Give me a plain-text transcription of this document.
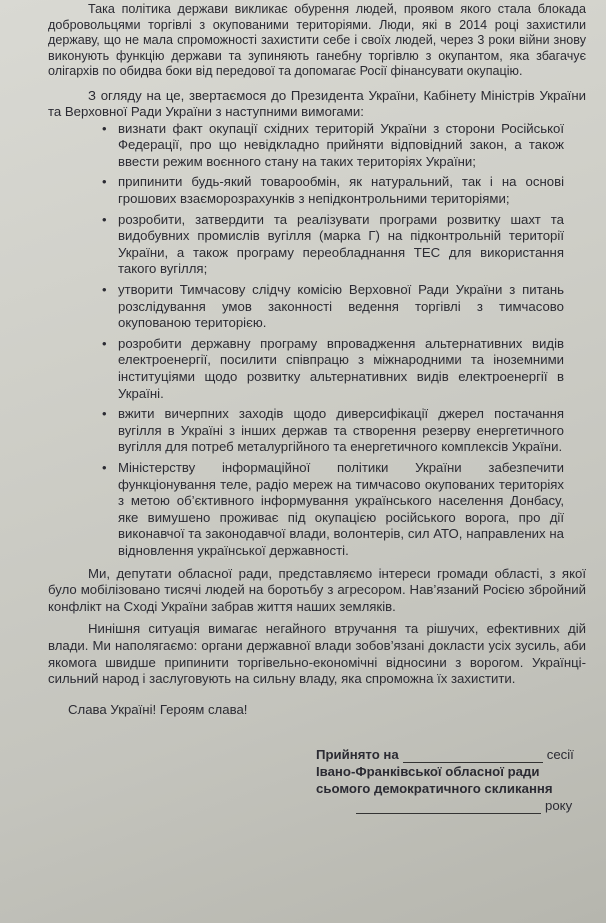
Така політика держави викликає обурення людей, проявом якого стала блокада добровольцями торгівлі з окупованими територіями. Люди, які в 2014 році захистили державу, що не мала спроможності захистити себе і своїх людей, через 3 роки війни знову виконують функцію держави та зупиняють ганебну торгівлю з окупантом, яка збагачує олігархів по обидва боки від передової та допомагає Росії фінансувати окупацію.

З огляду на це, звертаємося до Президента України, Кабінету Міністрів України та Верховної Ради України з наступними вимогами:

• визнати факт окупації східних територій України з сторони Російської Федерації, про що невідкладно прийняти відповідний закон, а також ввести режим воєнного стану на таких територіях України;
• припинити будь-який товарообмін, як натуральний, так і на основі грошових взаєморозрахунків з непідконтрольними територіями;
• розробити, затвердити та реалізувати програми розвитку шахт та видобувних промислів вугілля (марка Г) на підконтрольній території України, а також програму переобладнання ТЕС для використання такого вугілля;
• утворити Тимчасову слідчу комісію Верховної Ради України з питань розслідування умов законності ведення торгівлі з тимчасово окупованою територією.
• розробити державну програму впровадження альтернативних видів електроенергії, посилити співпрацю з міжнародними та іноземними інституціями щодо розвитку альтернативних видів електроенергії в Україні.
• вжити вичерпних заходів щодо диверсифікації джерел постачання вугілля в Україні з інших держав та створення резерву енергетичного вугілля для потреб металургійного та енергетичного комплексів України.
• Міністерству інформаційної політики України забезпечити функціонування теле, радіо мереж на тимчасово окупованих територіях з метою об’єктивного інформування українського населення Донбасу, яке вимушено проживає під окупацією російського ворога, про дії виконавчої та законодавчої влади, волонтерів, сил АТО, направлених на відновлення української державності.

Ми, депутати обласної ради, представляємо інтереси громади області, з якої було мобілізовано тисячі людей на боротьбу з агресором. Нав’язаний Росією збройний конфлікт на Сході України забрав життя наших земляків.

Нинішня ситуація вимагає негайного втручання та рішучих, ефективних дій влади. Ми наполягаємо: органи державної влади зобов’язані докласти усіх зусиль, аби якомога швидше припинити торгівельно-економічні відносини з ворогом. Українці-сильний народ і заслуговують на сильну владу, яка спроможна їх захистити.

Слава Україні! Героям слава!

Прийнято на	сесії
Івано-Франківської обласної ради
сьомого демократичного скликання
року
